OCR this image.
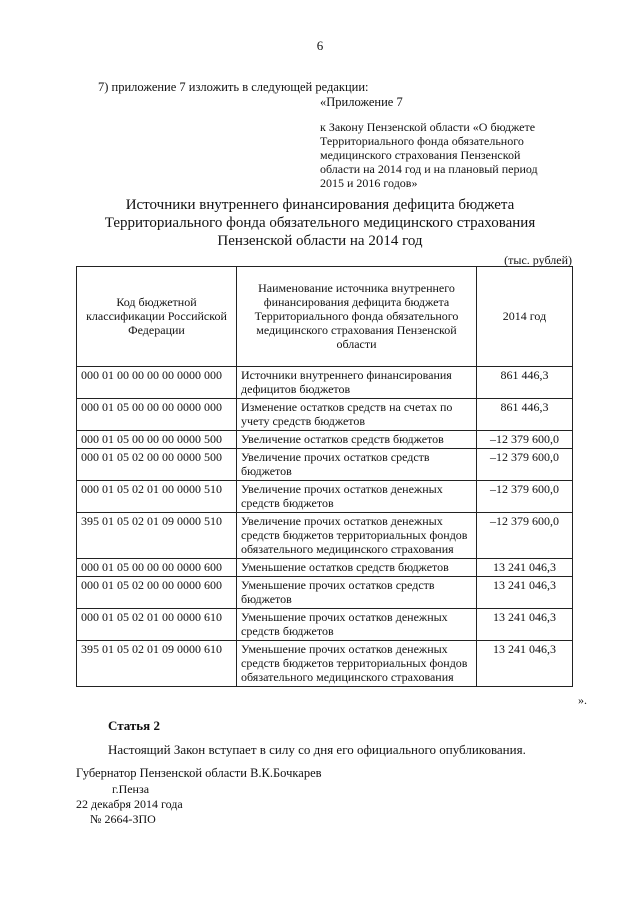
6
7) приложение 7 изложить в следующей редакции:
«Приложение 7
к Закону Пензенской области «О бюджете
Территориального фонда обязательного
медицинского страхования Пензенской
области на 2014 год и на плановый период
2015 и 2016 годов»
Источники внутреннего финансирования дефицита бюджета
Территориального фонда обязательного медицинского страхования
Пензенской области на 2014 год
(тыс. рублей)
Код бюджетной классификации Российской Федерации	Наименование источника внутреннего финансирования дефицита бюджета Территориального фонда обязательного медицинского страхования Пензенской области	2014 год
000 01 00 00 00 00 0000 000	Источники внутреннего финансирования дефицитов бюджетов	861 446,3
000 01 05 00 00 00 0000 000	Изменение остатков средств на счетах по учету средств бюджетов	861 446,3
000 01 05 00 00 00 0000 500	Увеличение остатков средств бюджетов	–12 379 600,0
000 01 05 02 00 00 0000 500	Увеличение прочих остатков средств бюджетов	–12 379 600,0
000 01 05 02 01 00 0000 510	Увеличение прочих остатков денежных средств бюджетов	–12 379 600,0
395 01 05 02 01 09 0000 510	Увеличение прочих остатков денежных средств бюджетов территориальных фондов обязательного медицинского страхования	–12 379 600,0
000 01 05 00 00 00 0000 600	Уменьшение остатков средств бюджетов	13 241 046,3
000 01 05 02 00 00 0000 600	Уменьшение прочих остатков средств бюджетов	13 241 046,3
000 01 05 02 01 00 0000 610	Уменьшение прочих остатков денежных средств бюджетов	13 241 046,3
395 01 05 02 01 09 0000 610	Уменьшение прочих остатков денежных средств бюджетов территориальных фондов обязательного медицинского страхования	13 241 046,3
».
Статья 2
Настоящий Закон вступает в силу со дня его официального опубликования.
Губернатор Пензенской области В.К.Бочкарев
г.Пенза
22 декабря 2014 года
№ 2664-ЗПО
